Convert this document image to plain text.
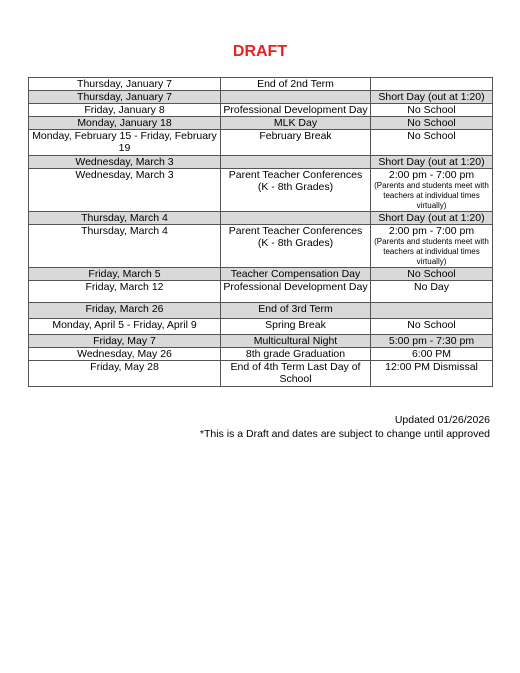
DRAFT
Thursday, January 7	End of 2nd Term	

Thursday, January 7		Short Day (out at 1:20)

Friday, January 8	Professional Development Day	No School

Monday, January 18	MLK Day	No School

Monday, February 15 - Friday, February 19	February Break	No School

Wednesday, March 3		Short Day (out at 1:20)

Wednesday, March 3	Parent Teacher Conferences (K - 8th Grades)	2:00 pm - 7:00 pm
(Parents and students meet with teachers at individual times virtually)

Thursday, March 4		Short Day (out at 1:20)

Thursday, March 4	Parent Teacher Conferences (K - 8th Grades)	2:00 pm - 7:00 pm
(Parents and students meet with teachers at individual times virtually)

Friday, March 5	Teacher Compensation Day	No School

Friday, March 12	Professional Development Day	No Day

Friday, March 26	End of 3rd Term	

Monday, April 5 - Friday, April 9	Spring Break	No School

Friday, May 7	Multicultural Night	5:00 pm - 7:30 pm

Wednesday, May 26	8th grade Graduation	6:00 PM

Friday, May 28	End of 4th Term Last Day of School	12:00 PM Dismissal
Updated 01/26/2026
*This is a Draft and dates are subject to change until approved
